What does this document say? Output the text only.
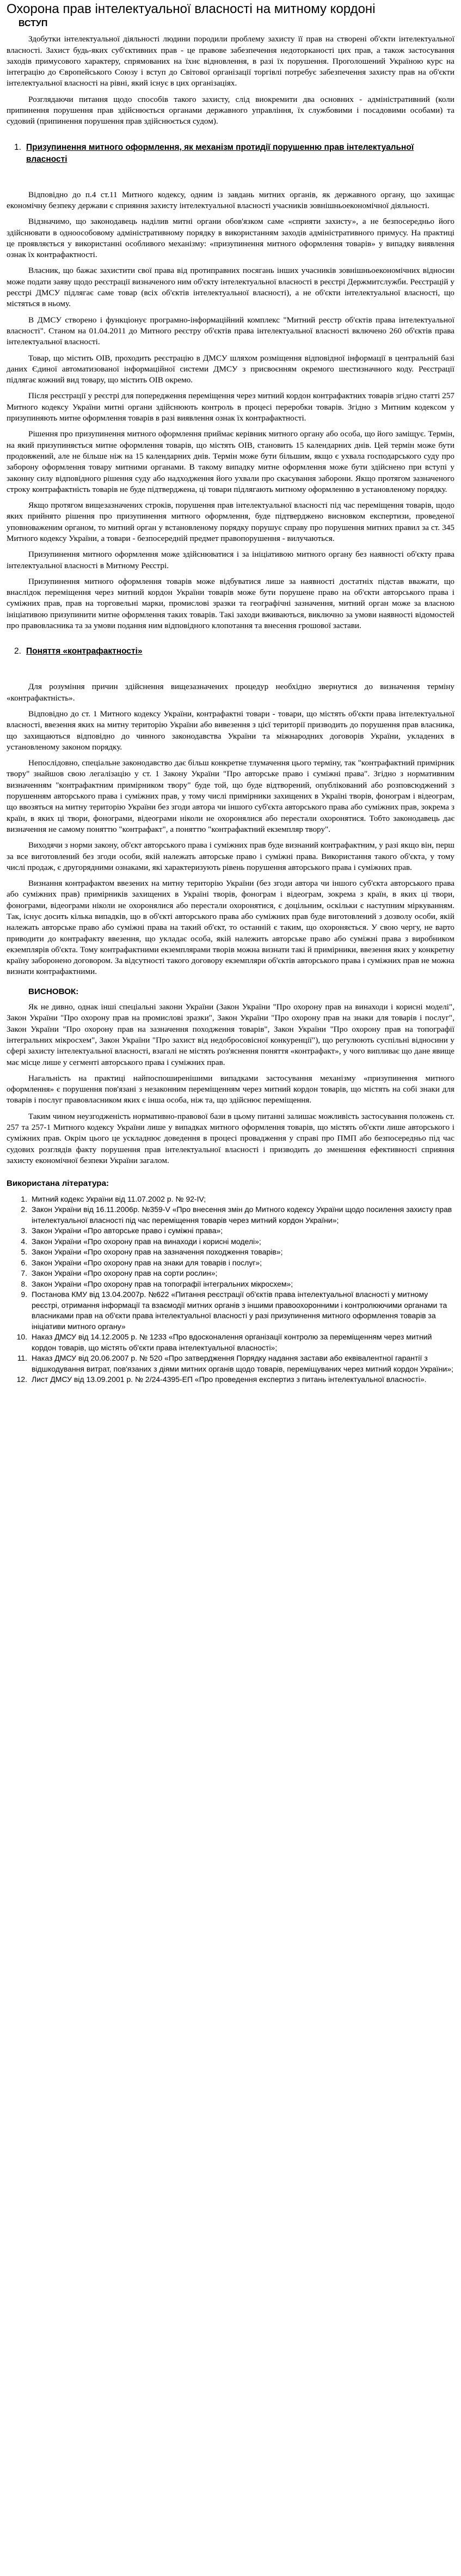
Охорона прав інтелектуальної власності на митному кордоні
ВСТУП

Здобутки інтелектуальної діяльності людини породили проблему захисту її прав на створені об'єкти інтелектуальної власності. Захист будь-яких суб'єктивних прав - це правове забезпечення недоторканості цих прав, а також застосування заходів примусового характеру, спрямованих на їхнє відновлення, в разі їх порушення. Проголошений Україною курс на інтеграцію до Європейського Союзу і вступ до Світової організації торгівлі потребує забезпечення захисту прав на об'єкти інтелектуальної власності на рівні, який існує в цих організаціях.

Розглядаючи питання щодо способів такого захисту, слід виокремити два основних - адміністративний (коли припинення порушення прав здійснюється органами державного управління, їх службовими і посадовими особами) та судовий (припинення порушення прав здійснюється судом).

1. Призупинення митного оформлення, як механізм протидії порушенню прав інтелектуальної власності

Відповідно до п.4 ст.11 Митного кодексу, одним із завдань митних органів, як державного органу, що захищає економічну безпеку держави є сприяння захисту інтелектуальної власності учасників зовнішньоекономічної діяльності.

Відзначимо, що законодавець наділив митні органи обов'язком саме «сприяти захисту», а не безпосередньо його здійснювати в одноособовому адміністративному порядку в використанням заходів адміністративного примусу. На практиці це проявляється у використанні особливого механізму: «призупинення митного оформлення товарів» у випадку виявлення ознак їх контрафактності.

Власник, що бажає захистити свої права від протиправних посягань інших учасників зовнішньоекономічних відносин може подати заяву щодо реєстрації визначеного ним об'єкту інтелектуальної власності в реєстрі Держмитслужби. Реєстрацій у реєстрі ДМСУ підлягає саме товар (всіх об'єктів інтелектуальної власності), а не об'єкти інтелектуальної власності, що містяться в ньому.

В ДМСУ створено і функціонує програмно-інформаційний комплекс "Митний реєстр об'єктів права інтелектуальної власності". Станом на 01.04.2011 до Митного реєстру об'єктів права інтелектуальної власності включено 260 об'єктів права інтелектуальної власності.

Товар, що містить ОІВ, проходить реєстрацію в ДМСУ шляхом розміщення відповідної інформації в центральній базі даних Єдиної автоматизованої інформаційної системи ДМСУ з присвоєнням окремого шестизначного коду. Реєстрації підлягає кожний вид товару, що містить ОІВ окремо.

Після реєстрації у реєстрі для попередження переміщення через митний кордон контрафактних товарів згідно статті 257 Митного кодексу України митні органи здійснюють контроль в процесі переробки товарів. Згідно з Митним кодексом у призупиняють митне оформлення товарів в разі виявлення ознак їх контрафактності.

Рішення про призупинення митного оформлення приймає керівник митного органу або особа, що його заміщує. Термін, на який призупиняється митне оформлення товарів, що містять ОІВ, становить 15 календарних днів. Цей термін може бути продовжений, але не більше ніж на 15 календарних днів. Термін може бути більшим, якщо є ухвала господарського суду про заборону оформлення товару митними органами. В такому випадку митне оформлення може бути здійснено при вступі у законну силу відповідного рішення суду або надходження його ухвали про скасування заборони. Якщо протягом зазначеного строку контрафактність товарів не буде підтверджена, ці товари підлягають митному оформленню в установленому порядку.

Якщо протягом вищезазначених строків, порушення прав інтелектуальної власності під час переміщення товарів, щодо яких прийнято рішення про призупинення митного оформлення, буде підтверджено висновком експертизи, проведеної уповноваженим органом, то митний орган у встановленому порядку порушує справу про порушення митних правил за ст. 345 Митного кодексу України, а товари - безпосередній предмет правопорушення - вилучаються.

Призупинення митного оформлення може здійснюватися і за ініціативою митного органу без наявності об'єкту права інтелектуальної власності в Митному Реєстрі.

Призупинення митного оформлення товарів може відбуватися лише за наявності достатніх підстав вважати, що внаслідок переміщення через митний кордон України товарів може бути порушене право на об'єкти авторського права і суміжних прав, прав на торговельні марки, промислові зразки та географічні зазначення, митний орган може за власною ініціативою призупинити митне оформлення таких товарів. Такі заходи вживаються, виключно за умови наявності відомостей про правовласника та за умови подання ним відповідного клопотання та внесення грошової застави.

2. Поняття «контрафактності»

Для розуміння причин здійснення вищезазначених процедур необхідно звернутися до визначення терміну «контрафактність».

Відповідно до ст. 1 Митного кодексу України, контрафактні товари - товари, що містять об'єкти права інтелектуальної власності, ввезення яких на митну територію України або вивезення з цієї території призводить до порушення прав власника, що захищаються відповідно до чинного законодавства України та міжнародних договорів України, укладених в установленому законом порядку.

Непослідовно, спеціальне законодавство дає більш конкретне тлумачення цього терміну, так "контрафактний примірник твору" знайшов свою легалізацію у ст. 1 Закону України "Про авторське право і суміжні права". Згідно з нормативним визначенням "контрафактним примірником твору" буде той, що буде відтворений, опублікований або розповсюджений з порушенням авторського права і суміжних прав, у тому числі примірники захищених в Україні творів, фонограм і відеограм, що ввозяться на митну територію України без згоди автора чи іншого суб'єкта авторського права або суміжних прав, зокрема з країн, в яких ці твори, фонограми, відеограми ніколи не охоронялися або перестали охоронятися. Тобто законодавець дає визначення не самому поняттю "контрафакт", а поняттю "контрафактний екземпляр твору".

Виходячи з норми закону, об'єкт авторського права і суміжних прав буде визнаний контрафактним, у разі якщо він, перш за все виготовлений без згоди особи, якій належать авторське право і суміжні права. Використання такого об'єкта, у тому числі продаж, є другорядними ознаками, які характеризують рівень порушення авторського права і суміжних прав.

Визнання контрафактом ввезених на митну територію України (без згоди автора чи іншого суб'єкта авторського права або суміжних прав) примірників захищених в Україні творів, фонограм і відеограм, зокрема з країн, в яких ці твори, фонограми, відеограми ніколи не охоронялися або перестали охоронятися, є доцільним, оскільки є наступним міркуванням. Так, існує досить кілька випадків, що в об'єкті авторського права або суміжних прав буде виготовлений з дозволу особи, якій належать авторське право або суміжні права на такий об'єкт, то останній є таким, що охороняється. У свою чергу, не варто приводити до контрафакту ввезення, що укладає особа, якій належить авторське право або суміжні права з виробником екземплярів об'єкта. Тому контрафактними екземплярами творів можна визнати такі й примірники, ввезення яких у конкретну країну заборонено договором. За відсутності такого договору екземпляри об'єктів авторського права і суміжних прав не можна визнати контрафактними.

ВИСНОВОК:

Як не дивно, однак інші спеціальні закони України (Закон України "Про охорону прав на винаходи і корисні моделі", Закон України "Про охорону прав на промислові зразки", Закон України "Про охорону прав на знаки для товарів і послуг", Закон України "Про охорону прав на зазначення походження товарів", Закон України "Про охорону прав на топографії інтегральних мікросхем", Закон України "Про захист від недобросовісної конкуренції"), що регулюють суспільні відносини у сфері захисту інтелектуальної власності, взагалі не містять роз'яснення поняття «контрафакт», у чого випливає що дане явище має місце лише у сегменті авторського права і суміжних прав.

Нагальність на практиці найпоспоширенішими випадками застосування механізму «призупинення митного оформлення» є порушення пов'язані з незаконним переміщенням через митний кордон товарів, що містять на собі знаки для товарів і послуг правовласником яких є інша особа, ніж та, що здійснює переміщення.

Таким чином неузгодженість нормативно-правової бази в цьому питанні залишає можливість застосування положень ст. 257 та 257-1 Митного кодексу України лише у випадках митного оформлення товарів, що містять об'єкти лише авторського і суміжних прав. Окрім цього це ускладнює доведення в процесі провадження у справі про ПМП або безпосередньо під час судових розглядів факту порушення прав інтелектуальної власності і призводить до зменшення ефективності сприяння захисту економічної безпеки України загалом.

Використана література:
1. Митний кодекс України від 11.07.2002 р. № 92-IV;
2. Закон України від 16.11.2006р. №359-V «Про внесення змін до Митного кодексу України щодо посилення захисту прав інтелектуальної власності під час переміщення товарів через митний кордон України»;
3. Закон України «Про авторське право і суміжні права»;
4. Закон України «Про охорону прав на винаходи і корисні моделі»;
5. Закон України «Про охорону прав на зазначення походження товарів»;
6. Закон України «Про охорону прав на знаки для товарів і послуг»;
7. Закон України «Про охорону прав на сорти рослин»;
8. Закон України «Про охорону прав на топографії інтегральних мікросхем»;
9. Постанова КМУ від 13.04.2007р. №622 «Питання реєстрації об'єктів права інтелектуальної власності у митному реєстрі, отримання інформації та взаємодії митних органів з іншими правоохоронними і контролюючими органами та власниками прав на об'єкти права інтелектуальної власності у разі призупинення митного оформлення товарів за ініціативи митного органу»
10. Наказ ДМСУ від 14.12.2005 р. № 1233 «Про вдосконалення організації контролю за переміщенням через митний кордон товарів, що містять об'єкти права інтелектуальної власності»;
11. Наказ ДМСУ від 20.06.2007 р. № 520 «Про затвердження Порядку надання застави або еквівалентної гарантії з відшкодування витрат, пов'язаних з діями митних органів щодо товарів, переміщуваних через митний кордон України»;
12. Лист ДМСУ від 13.09.2001 р. № 2/24-4395-ЕП «Про проведення експертиз з питань інтелектуальної власності».
